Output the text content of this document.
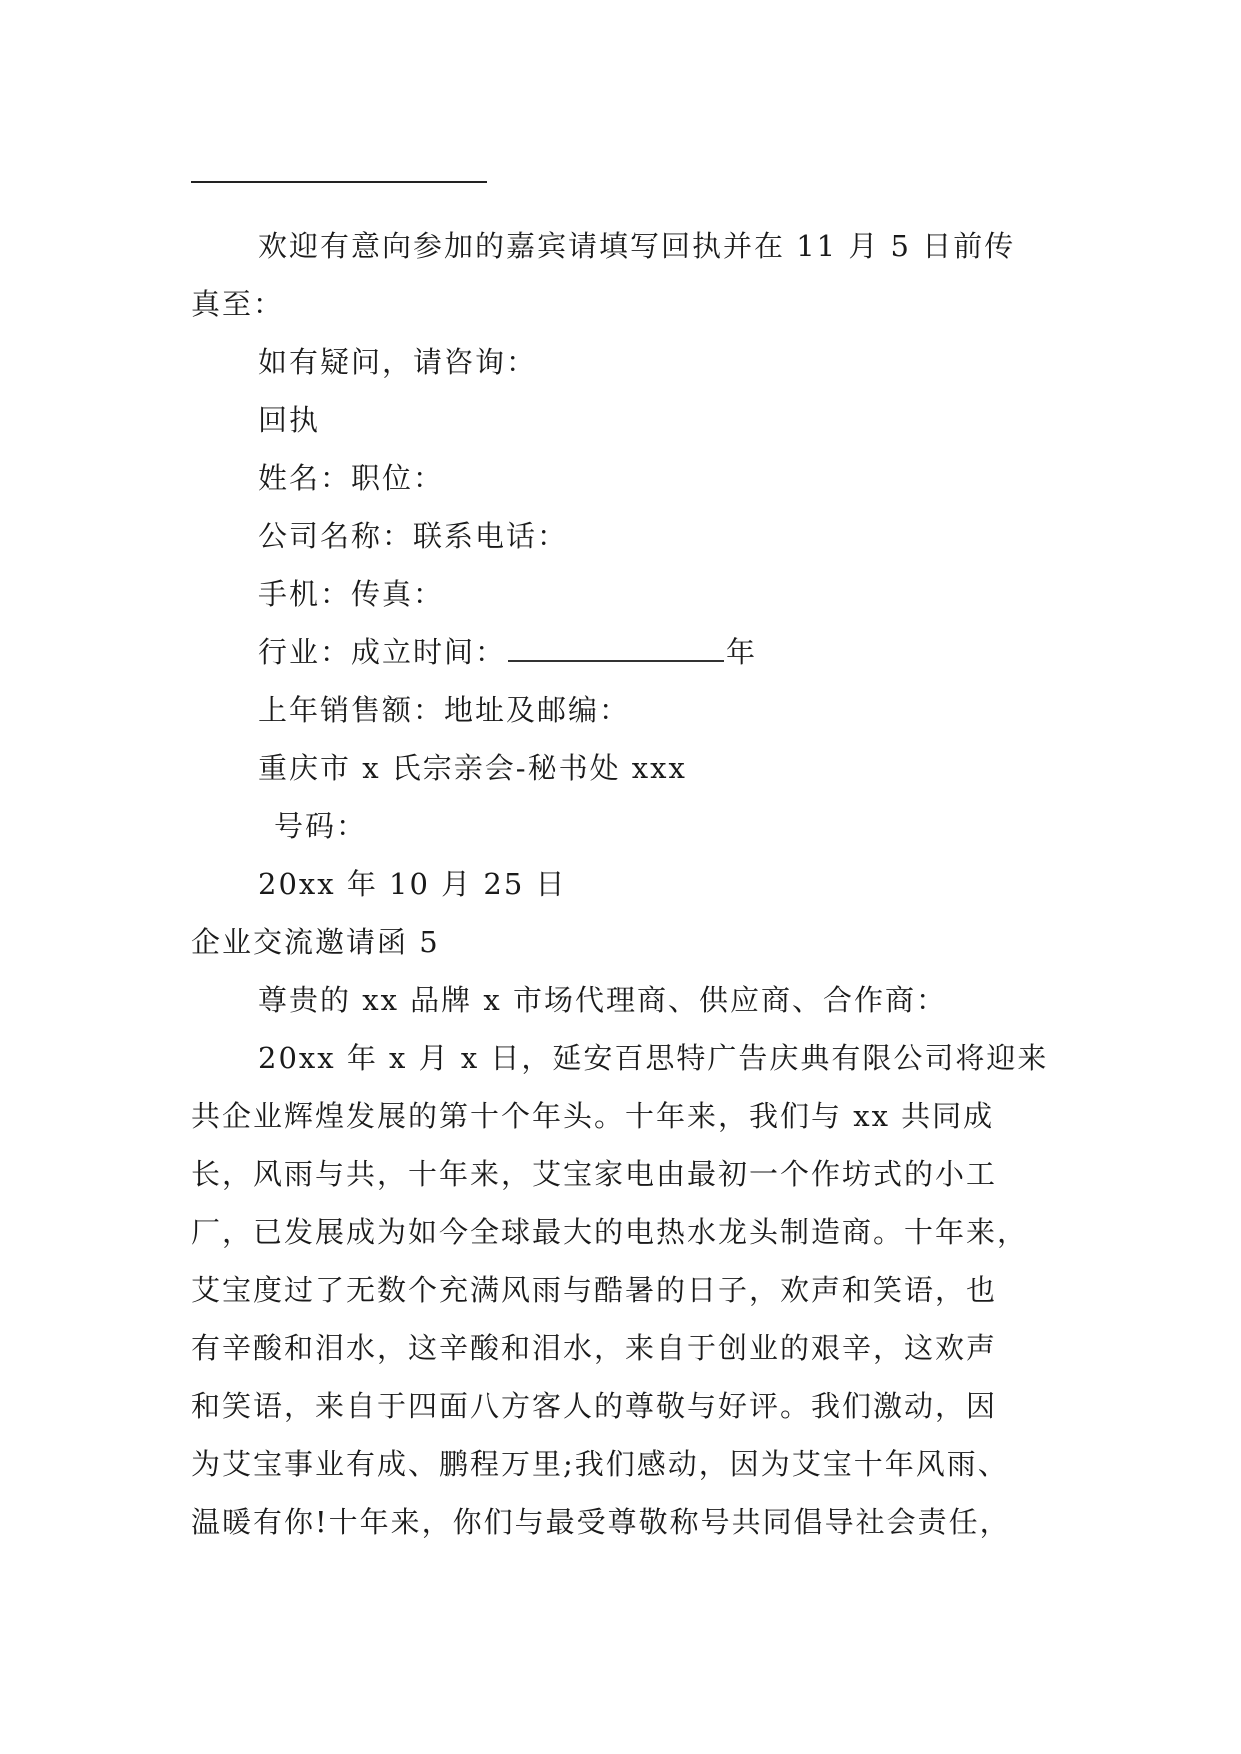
欢迎有意向参加的嘉宾请填写回执并在 11 月 5 日前传
真至：
如有疑问，请咨询：
回执
姓名：职位：
公司名称：联系电话：
手机：传真：
行业：成立时间：	年
上年销售额：地址及邮编：
重庆市 x 氏宗亲会-秘书处 xxx
号码：
20xx 年 10 月 25 日
企业交流邀请函 5
尊贵的 xx 品牌 x 市场代理商、供应商、合作商：
20xx 年 x 月 x 日，延安百思特广告庆典有限公司将迎来
共企业辉煌发展的第十个年头。十年来，我们与 xx 共同成
长，风雨与共，十年来，艾宝家电由最初一个作坊式的小工
厂，已发展成为如今全球最大的电热水龙头制造商。十年来，
艾宝度过了无数个充满风雨与酷暑的日子，欢声和笑语，也
有辛酸和泪水，这辛酸和泪水，来自于创业的艰辛，这欢声
和笑语，来自于四面八方客人的尊敬与好评。我们激动，因
为艾宝事业有成、鹏程万里;我们感动，因为艾宝十年风雨、
温暖有你!十年来，你们与最受尊敬称号共同倡导社会责任，
